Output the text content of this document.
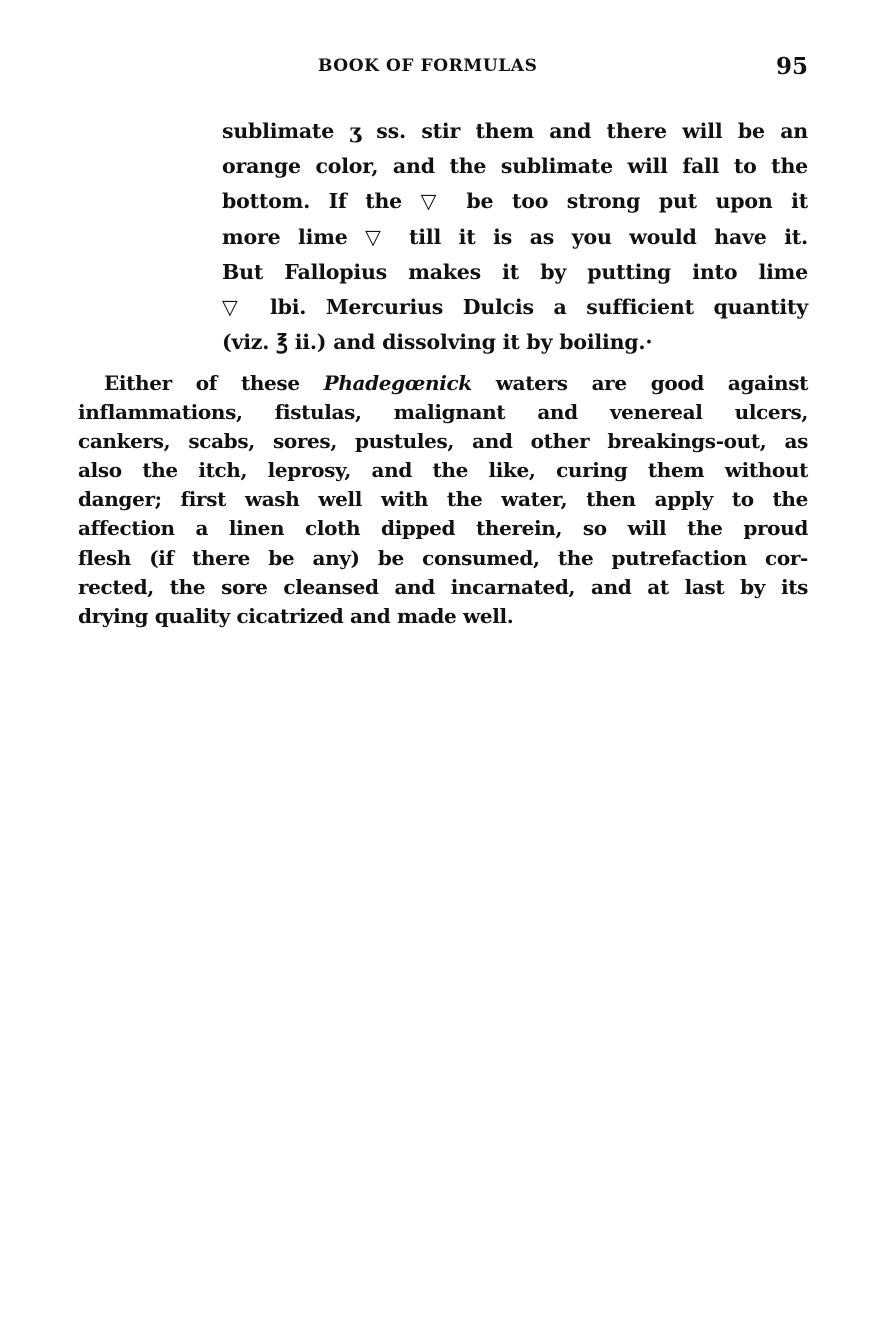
BOOK OF FORMULAS	95
sublimate ʒ ss. stir them and there will be an
orange color, and the sublimate will fall to the
bottom. If the ▽ be too strong put upon it
more lime ▽ till it is as you would have it.
But Fallopius makes it by putting into lime
▽ lbi. Mercurius Dulcis a sufficient quantity
(viz. ℥ ii.) and dissolving it by boiling.·
Either of these Phadegœnick waters are good against
inflammations, fistulas, malignant and venereal ulcers,
cankers, scabs, sores, pustules, and other breakings-out, as
also the itch, leprosy, and the like, curing them without
danger; first wash well with the water, then apply to the
affection a linen cloth dipped therein, so will the proud
flesh (if there be any) be consumed, the putrefaction cor-
rected, the sore cleansed and incarnated, and at last by its
drying quality cicatrized and made well.
